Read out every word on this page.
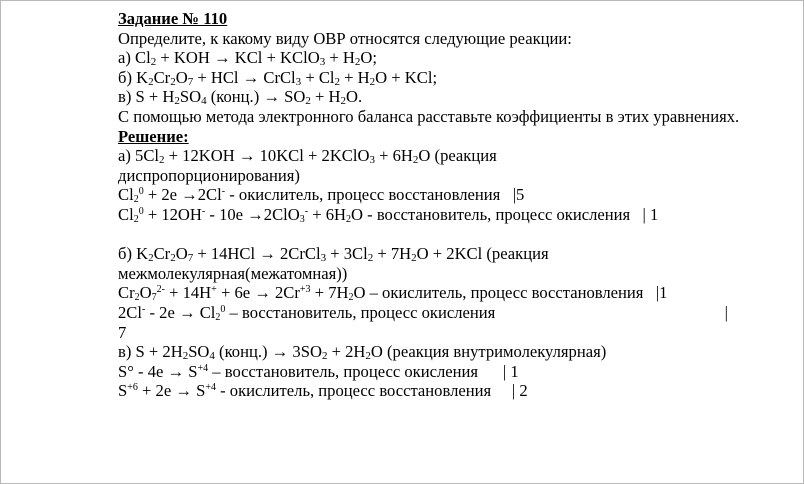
Задание № 110
Определите, к какому виду ОВР относятся следующие реакции:
а) $Cl_2$ + KOH → KCl + KClO$_3$ + $H_2O$;
б) $K_2Cr_2O_7$ + HCl → CrCl$_3$ + $Cl_2 + H_2O$ + KCl;
в) $S + H_2SO_4$ (конц.) → $SO_2 + H_2O$.
С помощью метода электронного баланса расставьте коэффициенты в этих уравнениях.
Решение:
а) $5Cl_2 + 12KOH \to 10KCl$ + 2KClO$_3$ + $6H_2O$ (реакция
диспропорционирования)
$Cl_2^0 + 2e \to 2Cl^-$ - окислитель, процесс восстановления   |5
$Cl_2^0 + 12OH^- - 10e \to 2ClO_3^- + 6H_2O$ - восстановитель, процесс окисления   | 1
б) $K_2Cr_2O_7 + 14HCl$ → 2CrCl$_3$ + $3Cl_2 + 7H_2O + 2KCl$ (реакция
межмолекулярная(межатомная))
$Cr_2O_7^{2-} + 14H^+ + 6e \to 2Cr^{+3} + 7H_2O$ – окислитель, процесс восстановления   |1
$2Cl^- - 2e \to Cl_2^0$ – восстановитель, процесс окисления	|
7
в) $S + 2H_2SO_4$ (конц.) → $3SO_2 + 2H_2O$ (реакция внутримолекулярная)
$S^\circ - 4e \to S^{+4}$ – восстановитель, процесс окисления      | 1
$S^{+6} + 2e \to S^{+4}$ - окислитель, процесс восстановления     | 2
